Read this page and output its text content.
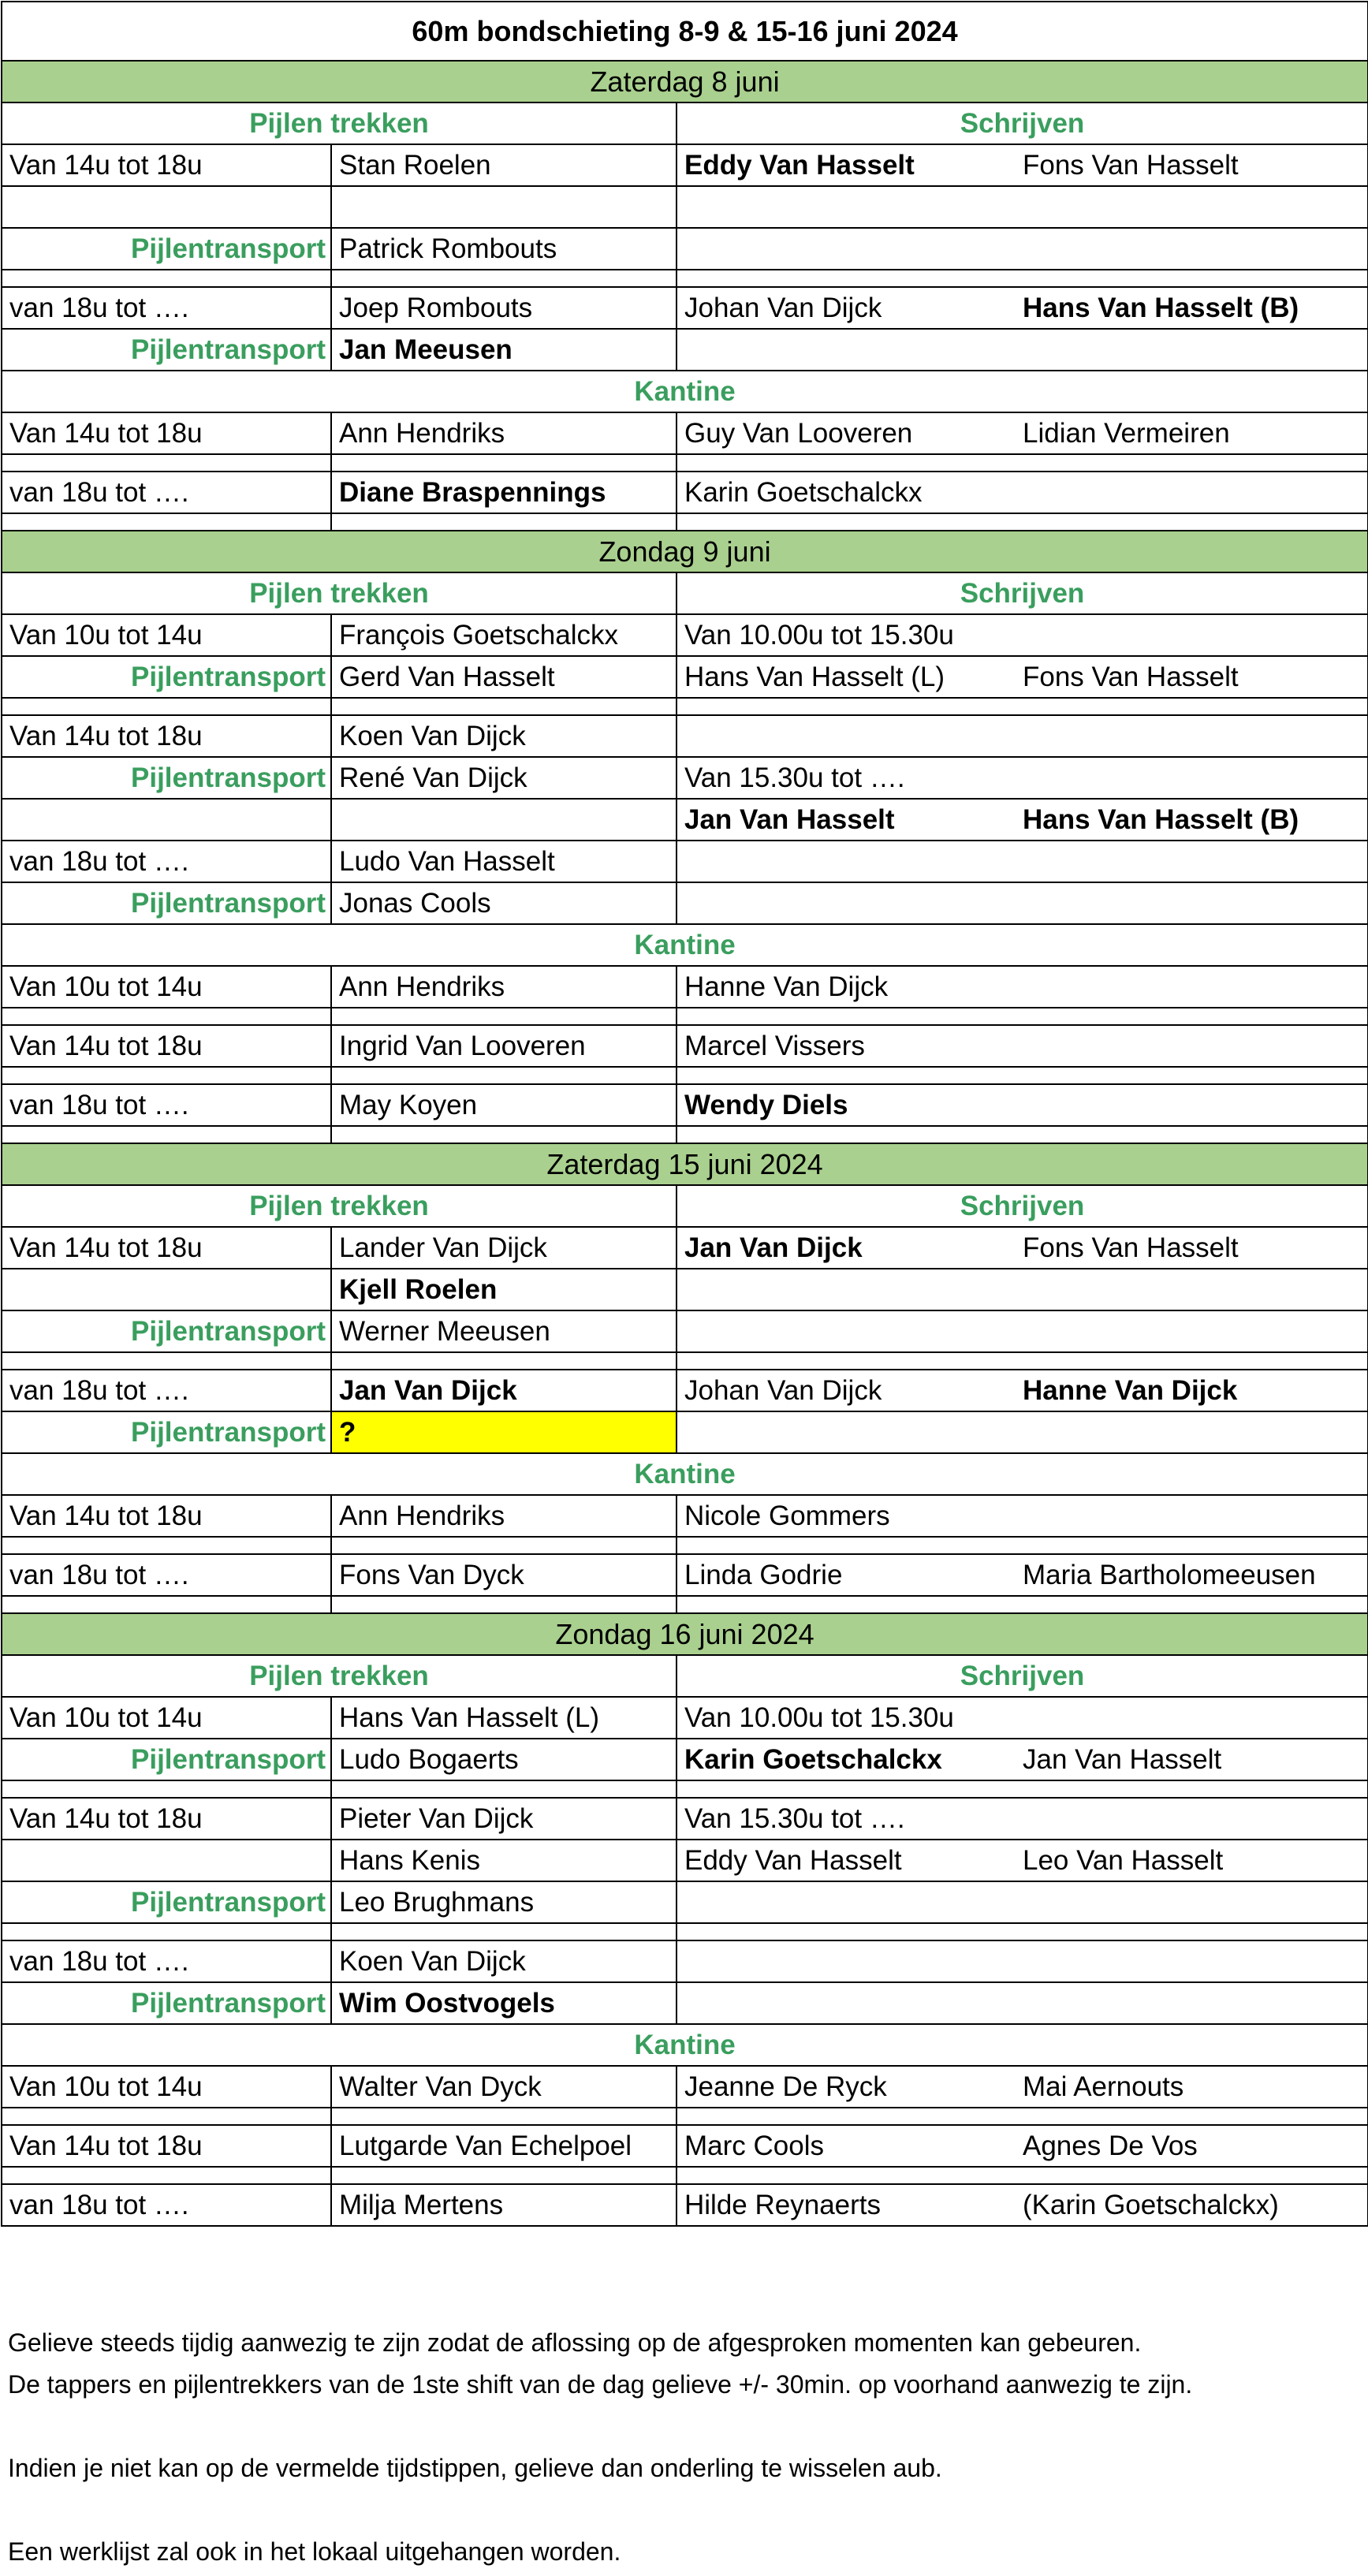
60m bondschieting 8-9 & 15-16 juni 2024			
Zaterdag 8 juni			
Pijlen trekken		Schrijven	
Van 14u tot 18u	Stan Roelen	Eddy Van Hasselt	Fons Van Hasselt

Pijlentransport	Patrick Rombouts		

van 18u tot ….	Joep Rombouts	Johan Van Dijck	Hans Van Hasselt (B)
Pijlentransport	Jan Meeusen		
Kantine			
Van 14u tot 18u	Ann Hendriks	Guy Van Looveren	Lidian Vermeiren

van 18u tot ….	Diane Braspennings	Karin Goetschalckx	

Zondag 9 juni			
Pijlen trekken		Schrijven	
Van 10u tot 14u	François Goetschalckx	Van 10.00u tot 15.30u	
Pijlentransport	Gerd Van Hasselt	Hans Van Hasselt (L)	Fons Van Hasselt

Van 14u tot 18u	Koen Van Dijck		
Pijlentransport	René Van Dijck	Van 15.30u tot ….	
		Jan Van Hasselt	Hans Van Hasselt (B)
van 18u tot ….	Ludo Van Hasselt		
Pijlentransport	Jonas Cools		
Kantine			
Van 10u tot 14u	Ann Hendriks	Hanne Van Dijck	

Van 14u tot 18u	Ingrid Van Looveren	Marcel Vissers	

van 18u tot ….	May Koyen	Wendy Diels	

Zaterdag 15 juni 2024			
Pijlen trekken		Schrijven	
Van 14u tot 18u	Lander Van Dijck	Jan Van Dijck	Fons Van Hasselt
	Kjell Roelen		
Pijlentransport	Werner Meeusen		

van 18u tot ….	Jan Van Dijck	Johan Van Dijck	Hanne Van Dijck
Pijlentransport	?		
Kantine			
Van 14u tot 18u	Ann Hendriks	Nicole Gommers	

van 18u tot ….	Fons Van Dyck	Linda Godrie	Maria Bartholomeeusen

Zondag 16 juni 2024			
Pijlen trekken		Schrijven	
Van 10u tot 14u	Hans Van Hasselt (L)	Van 10.00u tot 15.30u	
Pijlentransport	Ludo Bogaerts	Karin Goetschalckx	Jan Van Hasselt

Van 14u tot 18u	Pieter Van Dijck	Van 15.30u tot ….	
	Hans Kenis	Eddy Van Hasselt	Leo Van Hasselt
Pijlentransport	Leo Brughmans		

van 18u tot ….	Koen Van Dijck		
Pijlentransport	Wim Oostvogels		
Kantine			
Van 10u tot 14u	Walter Van Dyck	Jeanne De Ryck	Mai Aernouts

Van 14u tot 18u	Lutgarde Van Echelpoel	Marc Cools	Agnes De Vos

van 18u tot ….	Milja Mertens	Hilde Reynaerts	(Karin Goetschalckx)

Gelieve steeds tijdig aanwezig te zijn zodat de aflossing op de afgesproken momenten kan gebeuren.

De tappers en pijlentrekkers van de 1ste shift van de dag gelieve +/- 30min. op voorhand aanwezig te zijn.

Indien je niet kan op de vermelde tijdstippen, gelieve dan onderling te wisselen aub.

Een werklijst zal ook in het lokaal uitgehangen worden.
